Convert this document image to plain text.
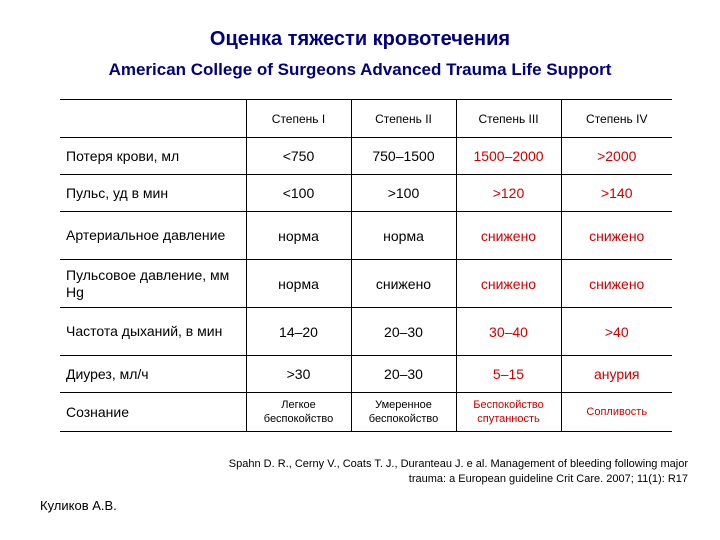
Оценка тяжести кровотечения
American College of Surgeons Advanced Trauma Life Support
	Степень I	Степень II	Степень III	Степень IV
Потеря крови, мл	<750	750–1500	1500–2000	>2000
Пульс, уд в мин	<100	>100	>120	>140
Артериальное давление	норма	норма	снижено	снижено
Пульсовое давление, мм Hg	норма	снижено	снижено	снижено
Частота дыханий, в мин	14–20	20–30	30–40	>40
Диурез, мл/ч	>30	20–30	5–15	анурия
Сознание	Легкое беспокойство	Умеренное беспокойство	Беспокойство спутанность	Сопливость
Spahn D. R., Cerny V., Coats T. J., Duranteau J. e al. Management of bleeding following major
trauma: a European guideline Crit Care. 2007; 11(1): R17
Куликов А.В.
